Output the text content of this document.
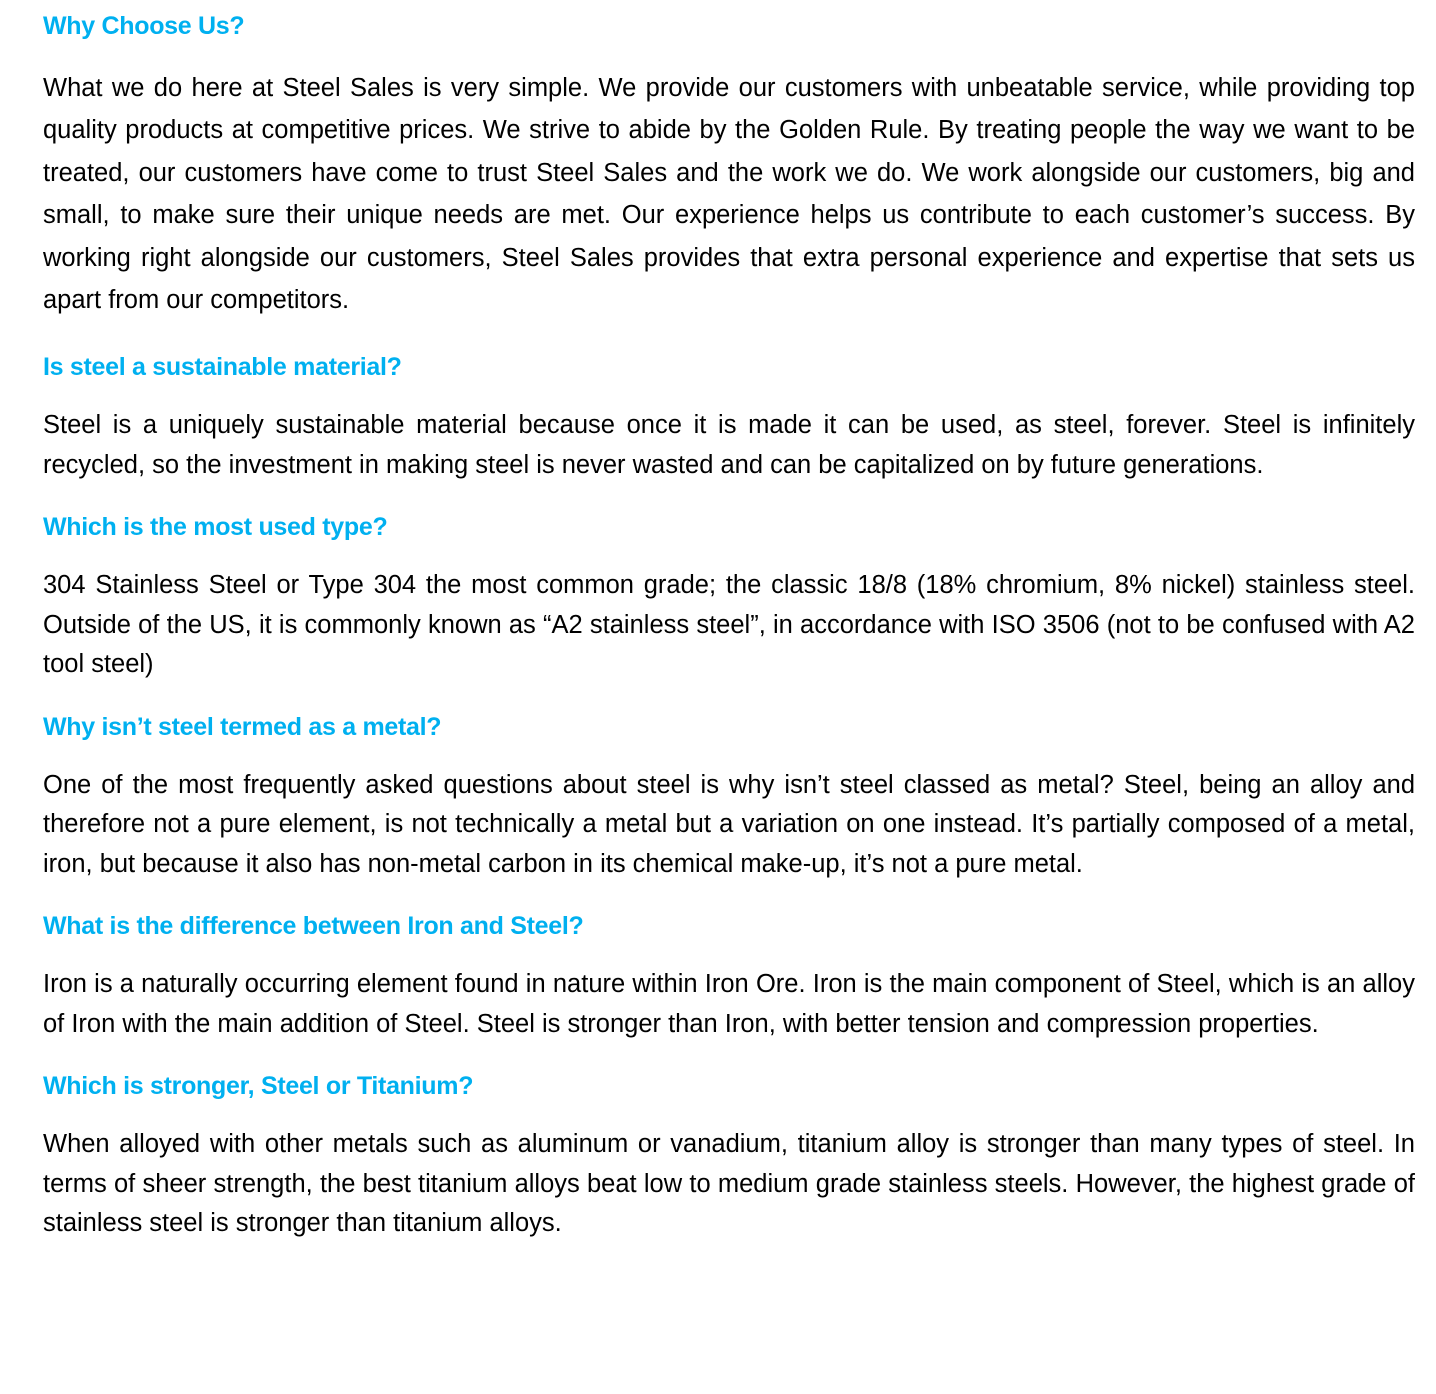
Why Choose Us?

What we do here at Steel Sales is very simple. We provide our customers with unbeatable service, while providing top quality products at competitive prices. We strive to abide by the Golden Rule. By treating people the way we want to be treated, our customers have come to trust Steel Sales and the work we do. We work alongside our customers, big and small, to make sure their unique needs are met. Our experience helps us contribute to each customer’s success. By working right alongside our customers, Steel Sales provides that extra personal experience and expertise that sets us apart from our competitors.

Is steel a sustainable material?

Steel is a uniquely sustainable material because once it is made it can be used, as steel, forever. Steel is infinitely recycled, so the investment in making steel is never wasted and can be capitalized on by future generations.

Which is the most used type?

304 Stainless Steel or Type 304 the most common grade; the classic 18/8 (18% chromium, 8% nickel) stainless steel. Outside of the US, it is commonly known as “A2 stainless steel”, in accordance with ISO 3506 (not to be confused with A2 tool steel)

Why isn’t steel termed as a metal?

One of the most frequently asked questions about steel is why isn’t steel classed as metal? Steel, being an alloy and therefore not a pure element, is not technically a metal but a variation on one instead. It’s partially composed of a metal, iron, but because it also has non-metal carbon in its chemical make-up, it’s not a pure metal.

What is the difference between Iron and Steel?

Iron is a naturally occurring element found in nature within Iron Ore. Iron is the main component of Steel, which is an alloy of Iron with the main addition of Steel. Steel is stronger than Iron, with better tension and compression properties.

Which is stronger, Steel or Titanium?

When alloyed with other metals such as aluminum or vanadium, titanium alloy is stronger than many types of steel. In terms of sheer strength, the best titanium alloys beat low to medium grade stainless steels. However, the highest grade of stainless steel is stronger than titanium alloys.
